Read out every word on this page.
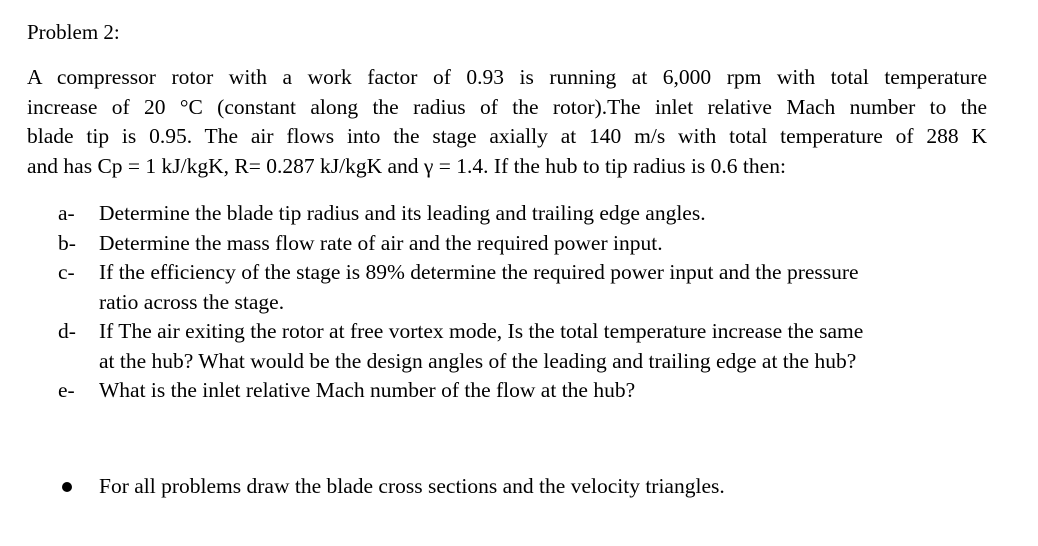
Problem 2:
A compressor rotor with a work factor of 0.93 is running at 6,000 rpm with total temperature
increase of 20 °C (constant along the radius of the rotor).The inlet relative Mach number to the
blade tip is 0.95. The air flows into the stage axially at 140 m/s with total temperature of 288 K
and has Cp = 1 kJ/kgK, R= 0.287 kJ/kgK and γ = 1.4. If the hub to tip radius is 0.6 then:
a- Determine the blade tip radius and its leading and trailing edge angles.
b- Determine the mass flow rate of air and the required power input.
c- If the efficiency of the stage is 89% determine the required power input and the pressure
ratio across the stage.
d- If The air exiting the rotor at free vortex mode, Is the total temperature increase the same
at the hub? What would be the design angles of the leading and trailing edge at the hub?
e- What is the inlet relative Mach number of the flow at the hub?
For all problems draw the blade cross sections and the velocity triangles.
